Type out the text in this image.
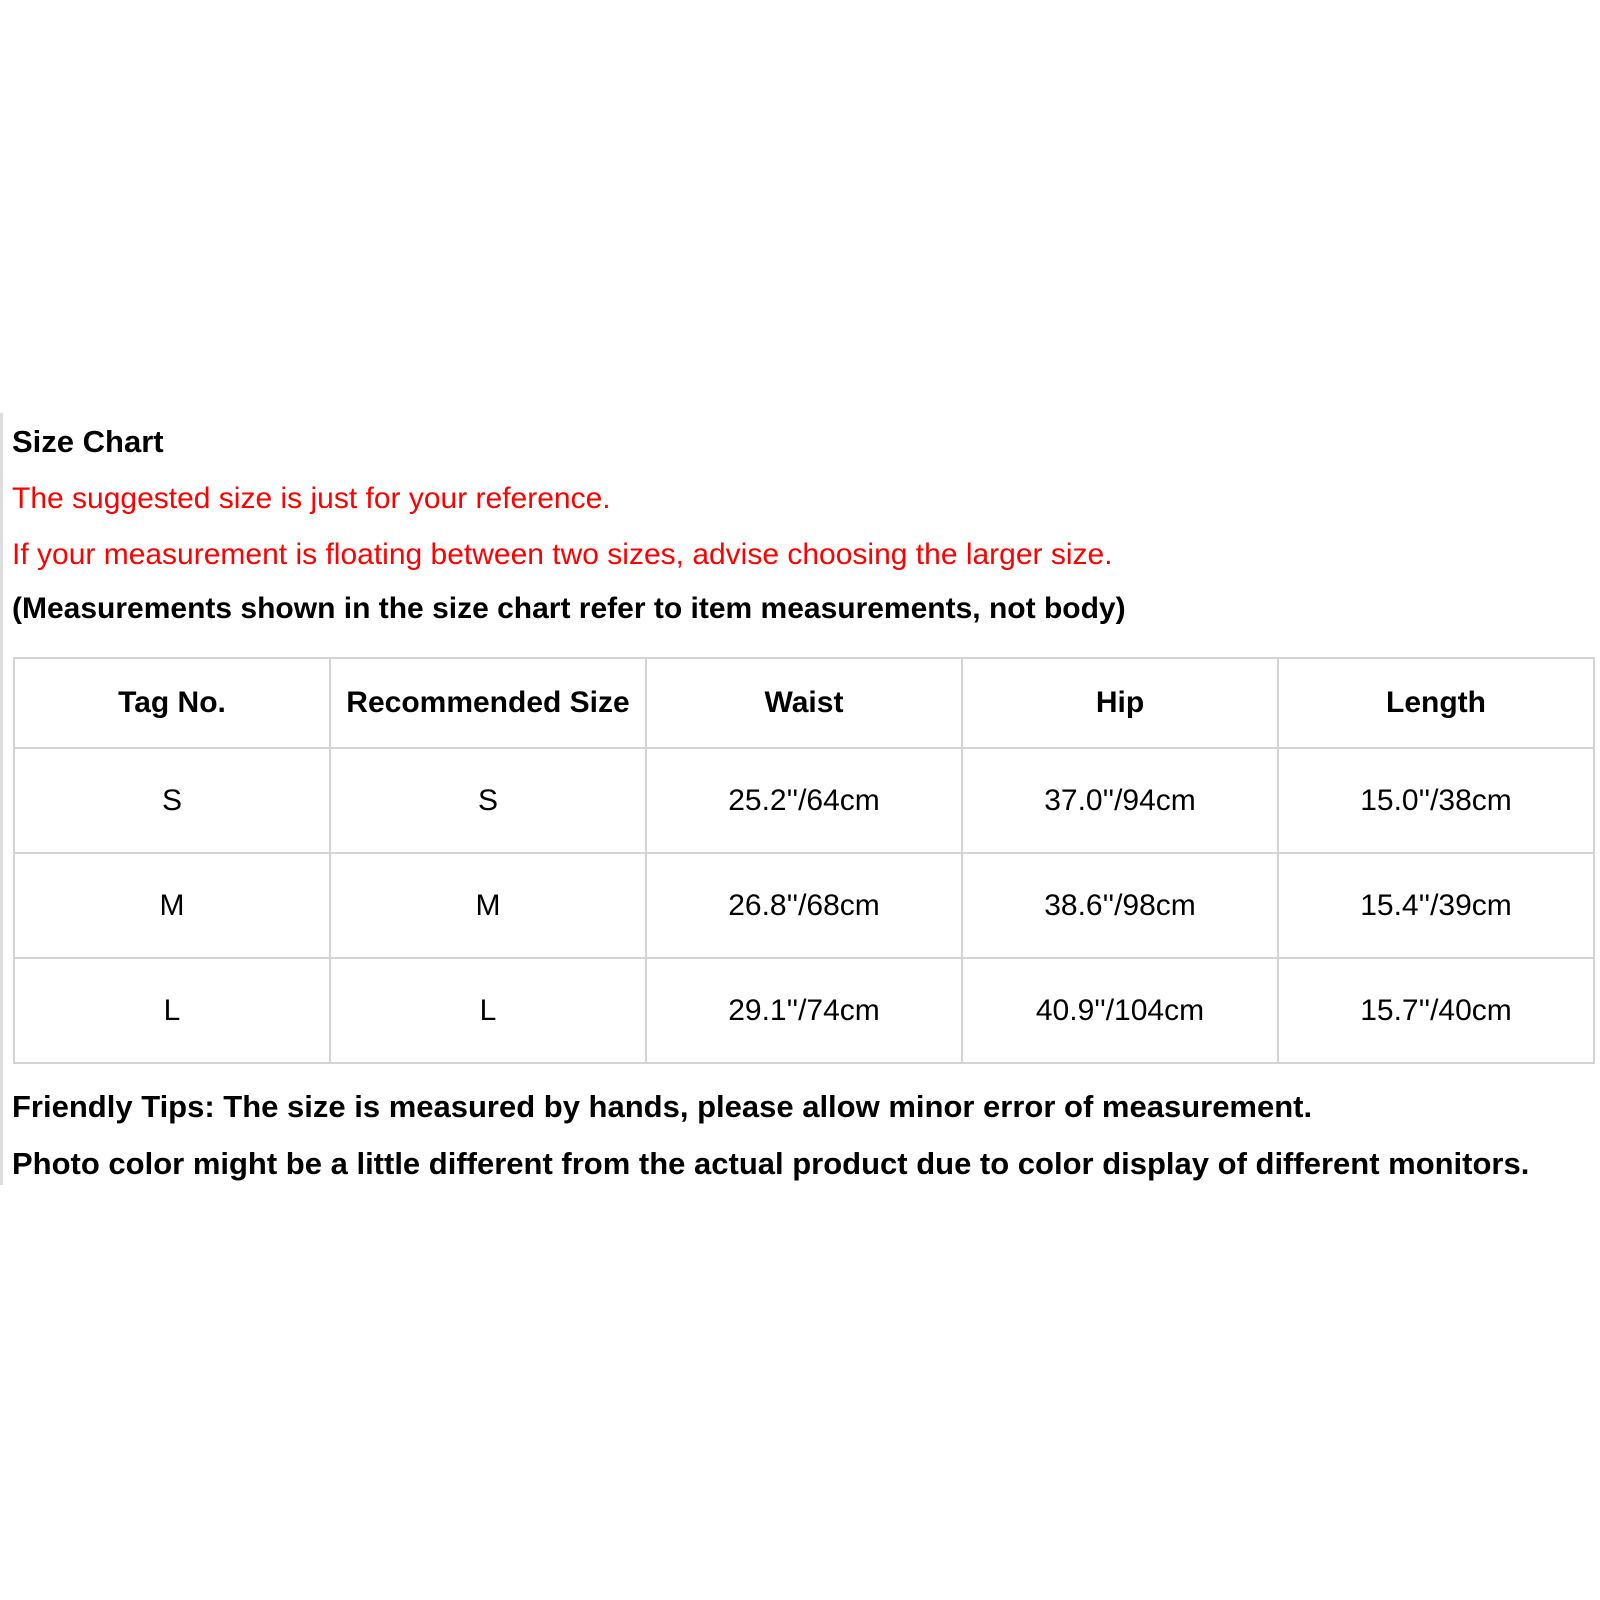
Size Chart
The suggested size is just for your reference.
If your measurement is floating between two sizes, advise choosing the larger size.
(Measurements shown in the size chart refer to item measurements, not body)
Tag No.	Recommended Size	Waist	Hip	Length
S	S	25.2''/64cm	37.0''/94cm	15.0''/38cm
M	M	26.8''/68cm	38.6''/98cm	15.4''/39cm
L	L	29.1''/74cm	40.9''/104cm	15.7''/40cm
Friendly Tips: The size is measured by hands, please allow minor error of measurement.
Photo color might be a little different from the actual product due to color display of different monitors.
